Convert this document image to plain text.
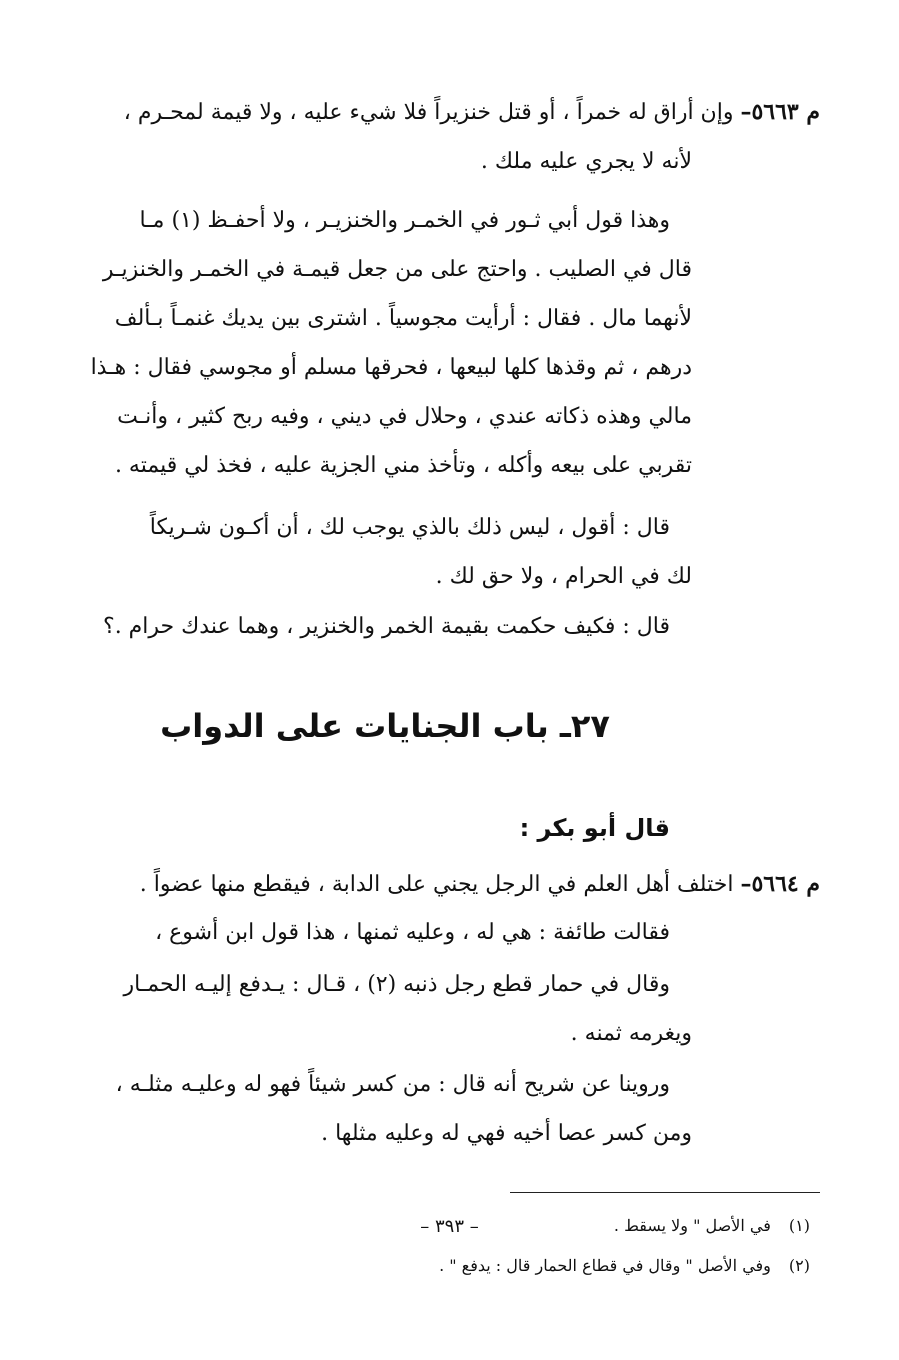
م ٥٦٦٣– وإن أراق له خمراً ، أو قتل خنزيراً فلا شيء عليه ، ولا قيمة لمحـرم ،

لأنه لا يجري عليه ملك .

وهذا قول أبي ثـور في الخمـر والخنزيـر ، ولا أحفـظ (١) مـا

قال في الصليب . واحتج على من جعل قيمـة في الخمـر والخنزيـر

لأنهما مال . فقال : أرأيت مجوسياً . اشترى بين يديك غنمـاً بـألف

درهم ، ثم وقذها كلها لبيعها ، فحرقها مسلم أو مجوسي فقال : هـذا

مالي وهذه ذكاته عندي ، وحلال في ديني ، وفيه ربح كثير ، وأنـت

تقربي على بيعه وأكله ، وتأخذ مني الجزية عليه ، فخذ لي قيمته .

قال : أقول ، ليس ذلك بالذي يوجب لك ، أن أكـون شـريكاً

لك في الحرام ، ولا حق لك .

قال : فكيف حكمت بقيمة الخمر والخنزير ، وهما عندك حرام .؟

٢٧ـ باب الجنايات على الدواب
قال أبو بكر :

م ٥٦٦٤– اختلف أهل العلم في الرجل يجني على الدابة ، فيقطع منها عضواً .

فقالت طائفة : هي له ، وعليه ثمنها ، هذا قول ابن أشوع ،

وقال في حمار قطع رجل ذنبه (٢) ، قـال : يـدفع إليـه الحمـار

ويغرمه ثمنه .

وروينا عن شريح أنه قال : من كسر شيئاً فهو له وعليـه مثلـه ،

ومن كسر عصا أخيه فهي له وعليه مثلها .

(١) في الأصل " ولا يسقط .

(٢) وفي الأصل " وقال في قطاع الحمار قال : يدفع " .

– ٣٩٣ –
